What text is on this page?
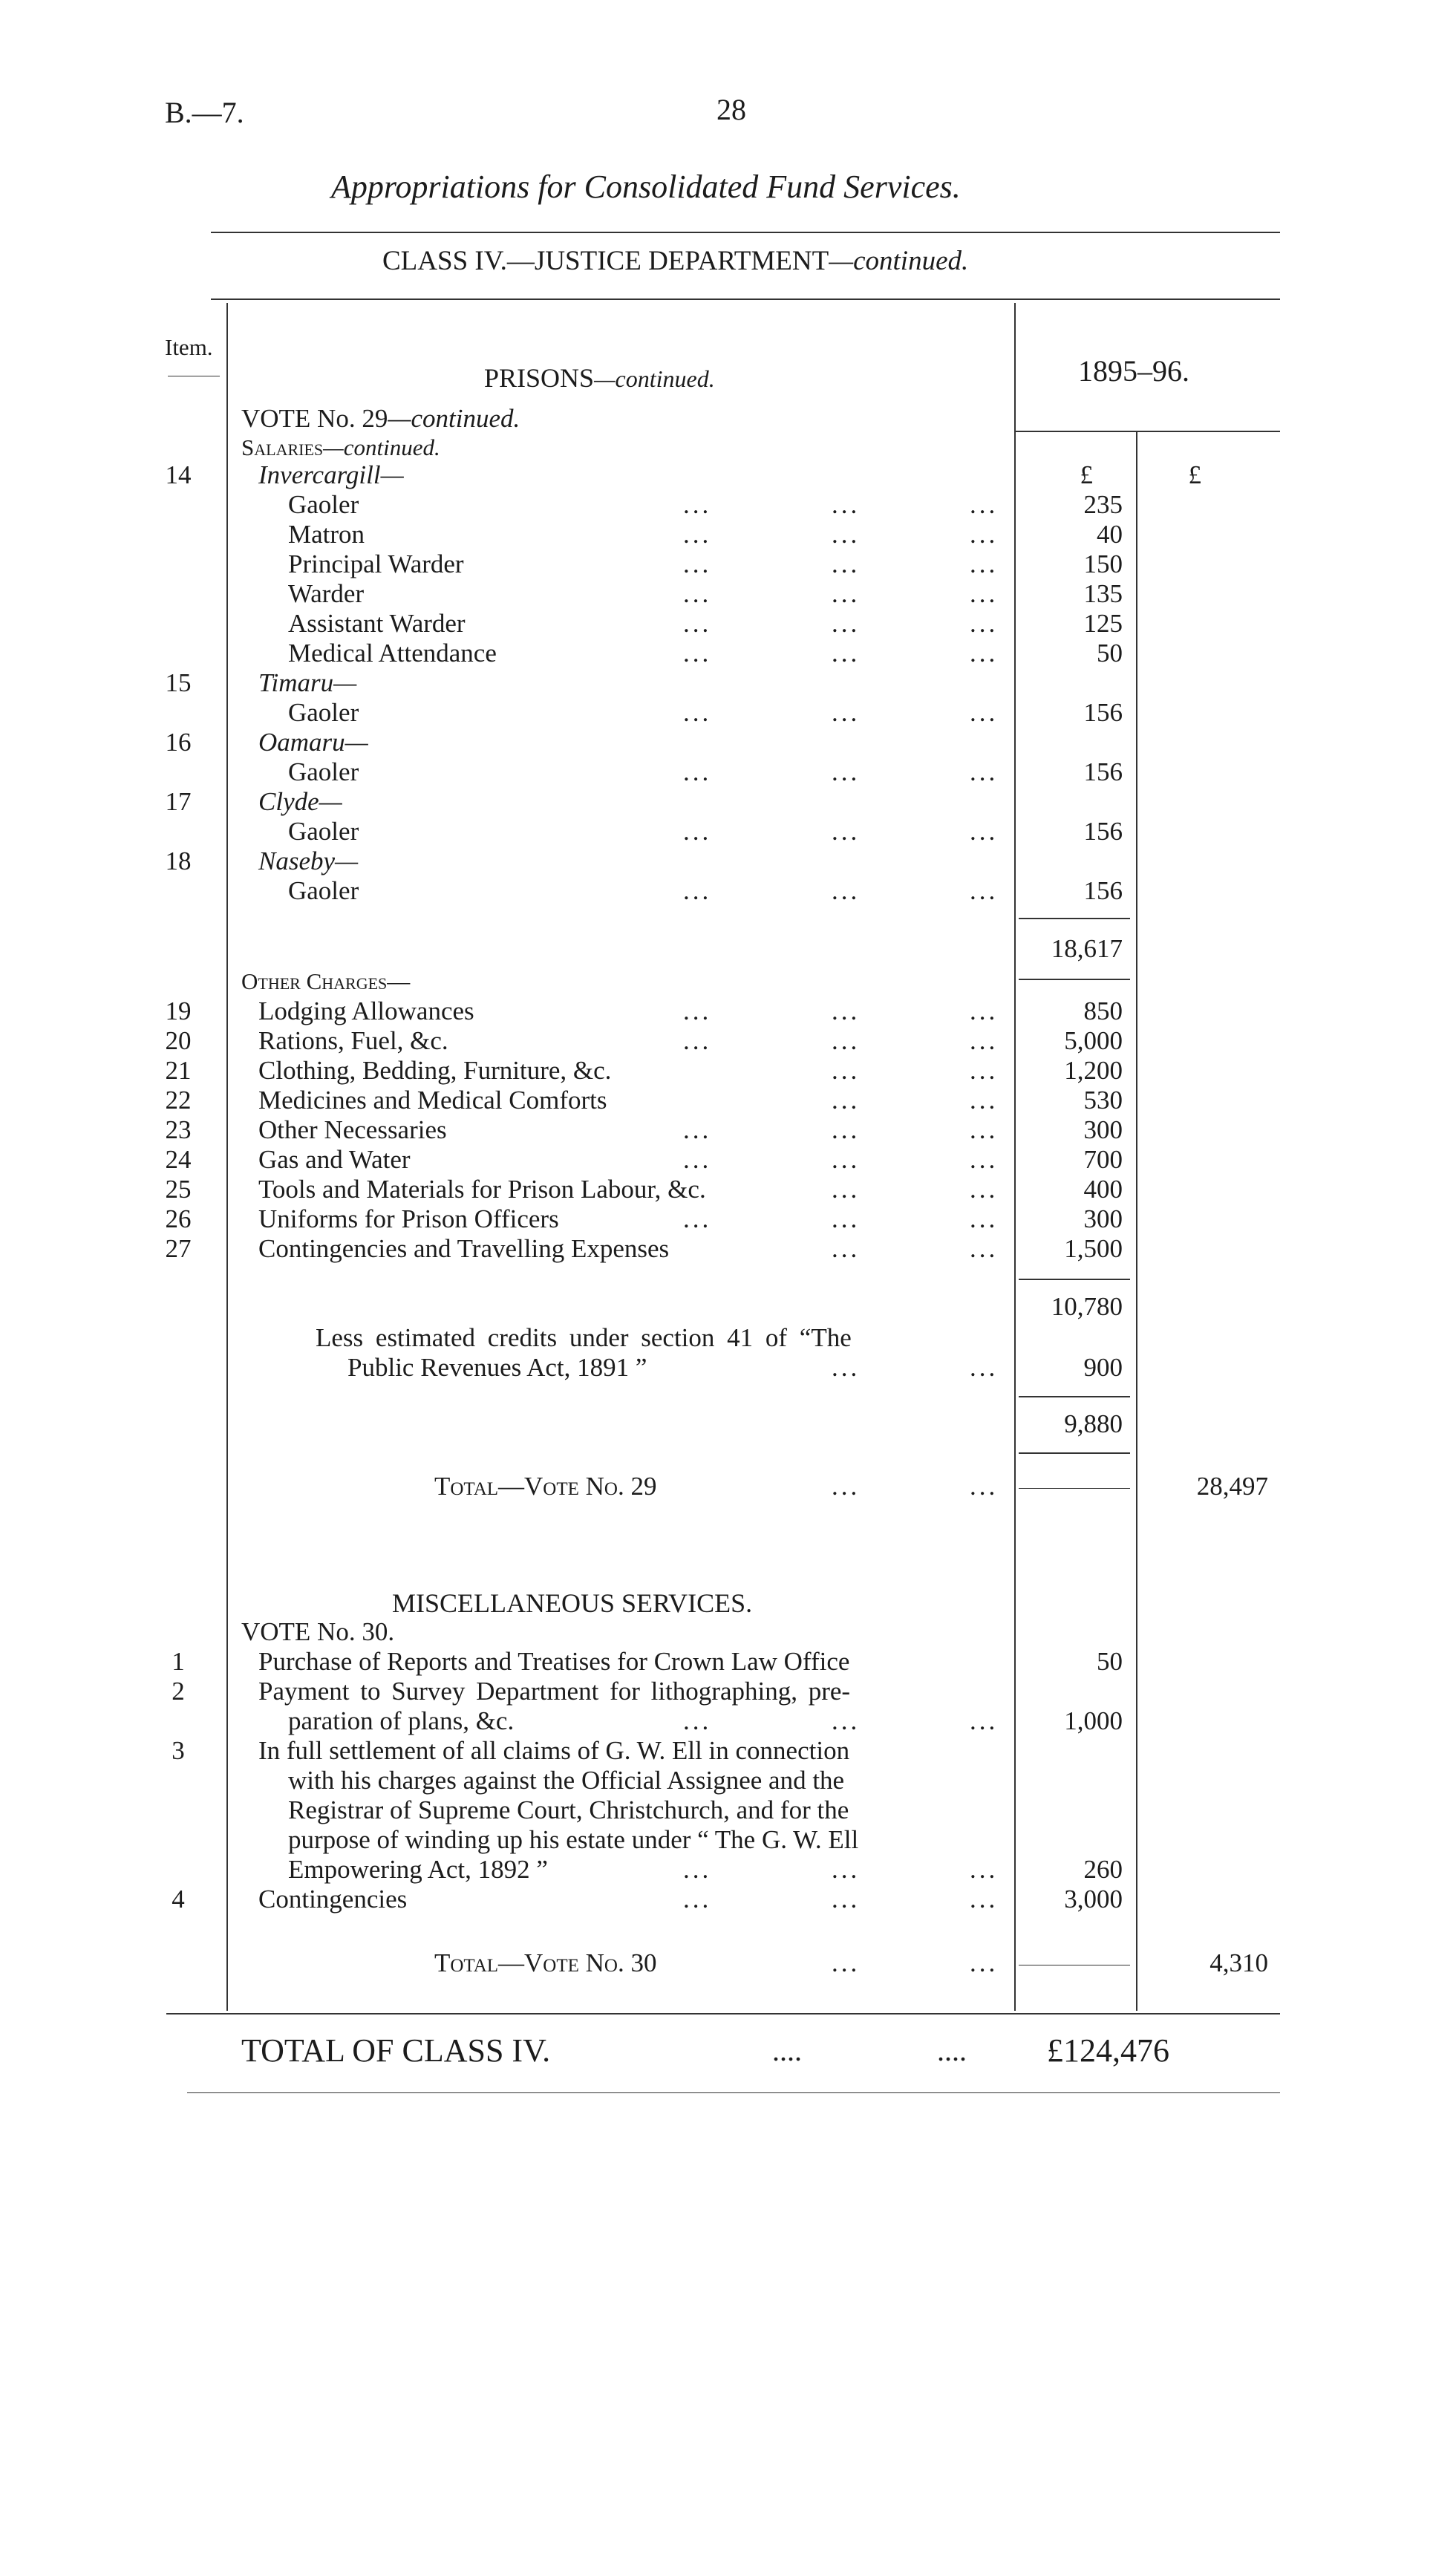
B.—7.	28
Appropriations for Consolidated Fund Services.
CLASS IV.—JUSTICE DEPARTMENT—continued.
Item.
1895–96.
PRISONS—continued.
VOTE No. 29—continued.
Salaries—continued.
£	£
14	Invercargill—
Gaoler	...	...	...	235
Matron	...	...	...	40
Principal Warder	...	...	...	150
Warder	...	...	...	135
Assistant Warder	...	...	...	125
Medical Attendance	...	...	...	50
15	Timaru—
Gaoler	...	...	...	156
16	Oamaru—
Gaoler	...	...	...	156
17	Clyde—
Gaoler	...	...	...	156
18	Naseby—
Gaoler	...	...	...	156
18,617
Other Charges—
19	Lodging Allowances	...	...	...	850
20	Rations, Fuel, &c.	...	...	...	5,000
21	Clothing, Bedding, Furniture, &c.	...	...	1,200
22	Medicines and Medical Comforts	...	...	530
23	Other Necessaries	...	...	...	300
24	Gas and Water	...	...	...	700
25	Tools and Materials for Prison Labour, &c.	...	...	400
26	Uniforms for Prison Officers	...	...	...	300
27	Contingencies and Travelling Expenses	...	...	1,500
10,780
Less estimated credits under section 41 of “The
Public Revenues Act, 1891 ”	...	...	900
9,880
Total—Vote No. 29	...	...	28,497
MISCELLANEOUS SERVICES.
VOTE No. 30.
1	Purchase of Reports and Treatises for Crown Law Office	50
2	Payment to Survey Department for lithographing, pre-
paration of plans, &c.	...	...	...	1,000
3	In full settlement of all claims of G. W. Ell in connection
with his charges against the Official Assignee and the
Registrar of Supreme Court, Christchurch, and for the
purpose of winding up his estate under “ The G. W. Ell
Empowering Act, 1892 ”	...	...	...	260
4	Contingencies	...	...	...	3,000
Total—Vote No. 30	...	...	4,310
TOTAL OF CLASS IV.	....	.... £124,476
